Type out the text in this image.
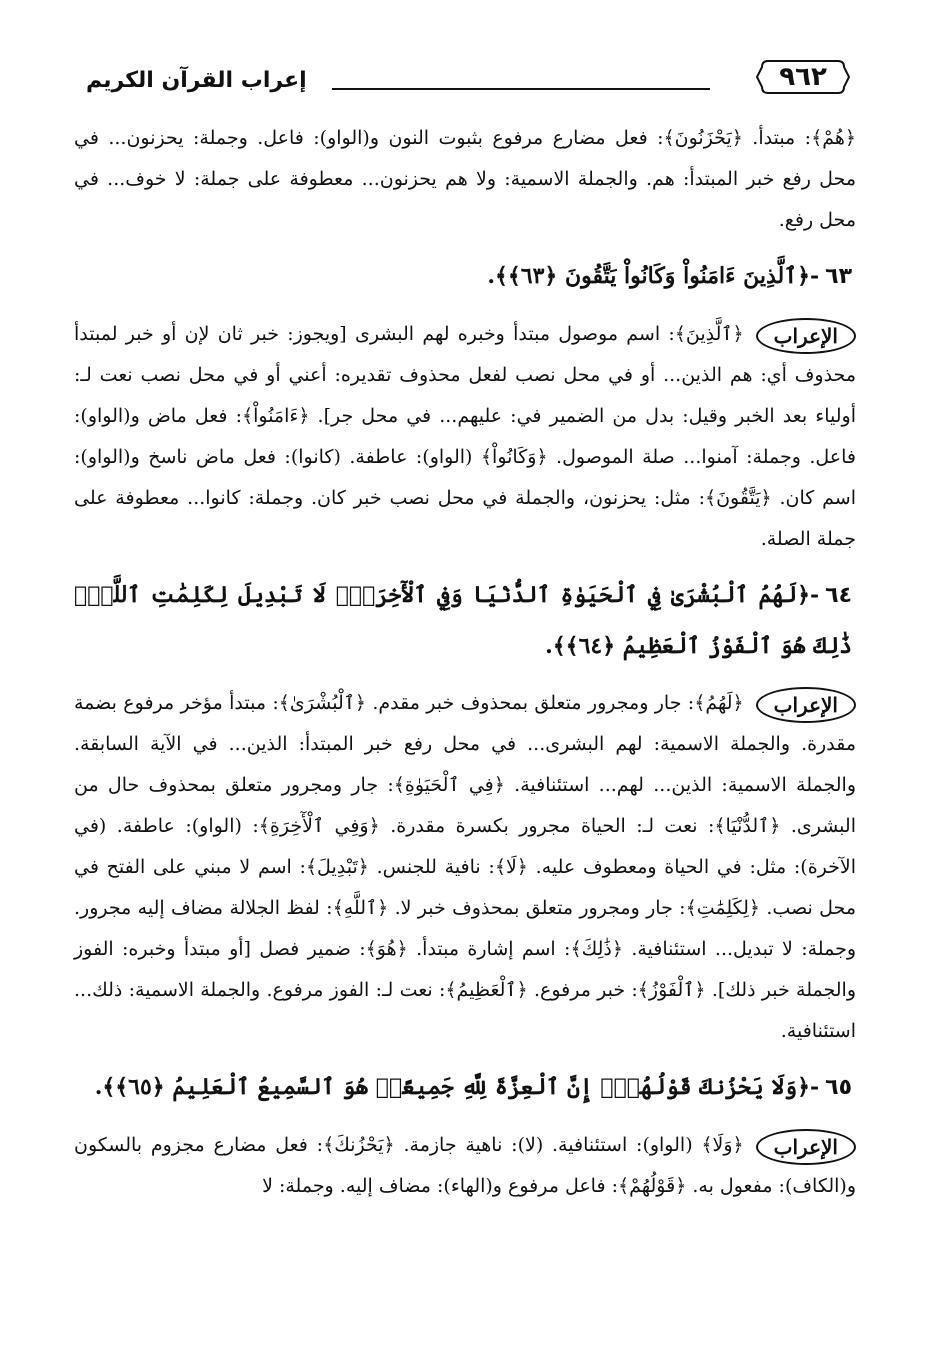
٩٦٢
إعراب القرآن الكريم

﴿هُمْ﴾: مبتدأ. ﴿يَحْزَنُونَ﴾: فعل مضارع مرفوع بثبوت النون و(الواو): فاعل. وجملة: يحزنون... في محل رفع خبر المبتدأ: هم. والجملة الاسمية: ولا هم يحزنون... معطوفة على جملة: لا خوف... في محل رفع.

٦٣-﴿ٱلَّذِينَ ءَامَنُواْ وَكَانُواْ يَتَّقُونَ ﴿٦٣﴾﴾.
الإعراب
﴿ٱلَّذِينَ﴾: اسم موصول مبتدأ وخبره لهم البشرى [ويجوز: خبر ثان لإن أو خبر لمبتدأ محذوف أي: هم الذين... أو في محل نصب لفعل محذوف تقديره: أعني أو في محل نصب نعت لـ: أولياء بعد الخبر وقيل: بدل من الضمير في: عليهم... في محل جر]. ﴿ءَامَنُواْ﴾: فعل ماض و(الواو): فاعل. وجملة: آمنوا... صلة الموصول. ﴿وَكَانُواْ﴾ (الواو): عاطفة. (كانوا): فعل ماض ناسخ و(الواو): اسم كان. ﴿يَتَّقُونَ﴾: مثل: يحزنون، والجملة في محل نصب خبر كان. وجملة: كانوا... معطوفة على جملة الصلة.
٦٤-﴿لَهُمُ ٱلْبُشْرَىٰ فِي ٱلْحَيَوٰةِ ٱلدُّنْيَا وَفِي ٱلْأٓخِرَةِۚ لَا تَبْدِيلَ لِكَلِمَٰتِ ٱللَّهِۚ ذَٰلِكَ هُوَ ٱلْفَوْزُ ٱلْعَظِيمُ ﴿٦٤﴾﴾.
الإعراب
﴿لَهُمُ﴾: جار ومجرور متعلق بمحذوف خبر مقدم. ﴿ٱلْبُشْرَىٰ﴾: مبتدأ مؤخر مرفوع بضمة مقدرة. والجملة الاسمية: لهم البشرى... في محل رفع خبر المبتدأ: الذين... في الآية السابقة. والجملة الاسمية: الذين... لهم... استئنافية. ﴿فِي ٱلْحَيَوٰةِ﴾: جار ومجرور متعلق بمحذوف حال من البشرى. ﴿ٱلدُّنْيَا﴾: نعت لـ: الحياة مجرور بكسرة مقدرة. ﴿وَفِي ٱلْأٓخِرَةِ﴾: (الواو): عاطفة. (في الآخرة): مثل: في الحياة ومعطوف عليه. ﴿لَا﴾: نافية للجنس. ﴿تَبْدِيلَ﴾: اسم لا مبني على الفتح في محل نصب. ﴿لِكَلِمَٰتِ﴾: جار ومجرور متعلق بمحذوف خبر لا. ﴿ٱللَّهِ﴾: لفظ الجلالة مضاف إليه مجرور. وجملة: لا تبديل... استئنافية. ﴿ذَٰلِكَ﴾: اسم إشارة مبتدأ. ﴿هُوَ﴾: ضمير فصل [أو مبتدأ وخبره: الفوز والجملة خبر ذلك]. ﴿ٱلْفَوْزُ﴾: خبر مرفوع. ﴿ٱلْعَظِيمُ﴾: نعت لـ: الفوز مرفوع. والجملة الاسمية: ذلك... استئنافية.
٦٥-﴿وَلَا يَحْزُنكَ قَوْلُهُمْۘ إِنَّ ٱلْعِزَّةَ لِلَّهِ جَمِيعًاۚ هُوَ ٱلسَّمِيعُ ٱلْعَلِيمُ ﴿٦٥﴾﴾.
الإعراب
﴿وَلَا﴾ (الواو): استئنافية. (لا): ناهية جازمة. ﴿يَحْزُنكَ﴾: فعل مضارع مجزوم بالسكون و(الكاف): مفعول به. ﴿قَوْلُهُمْ﴾: فاعل مرفوع و(الهاء): مضاف إليه. وجملة: لا
